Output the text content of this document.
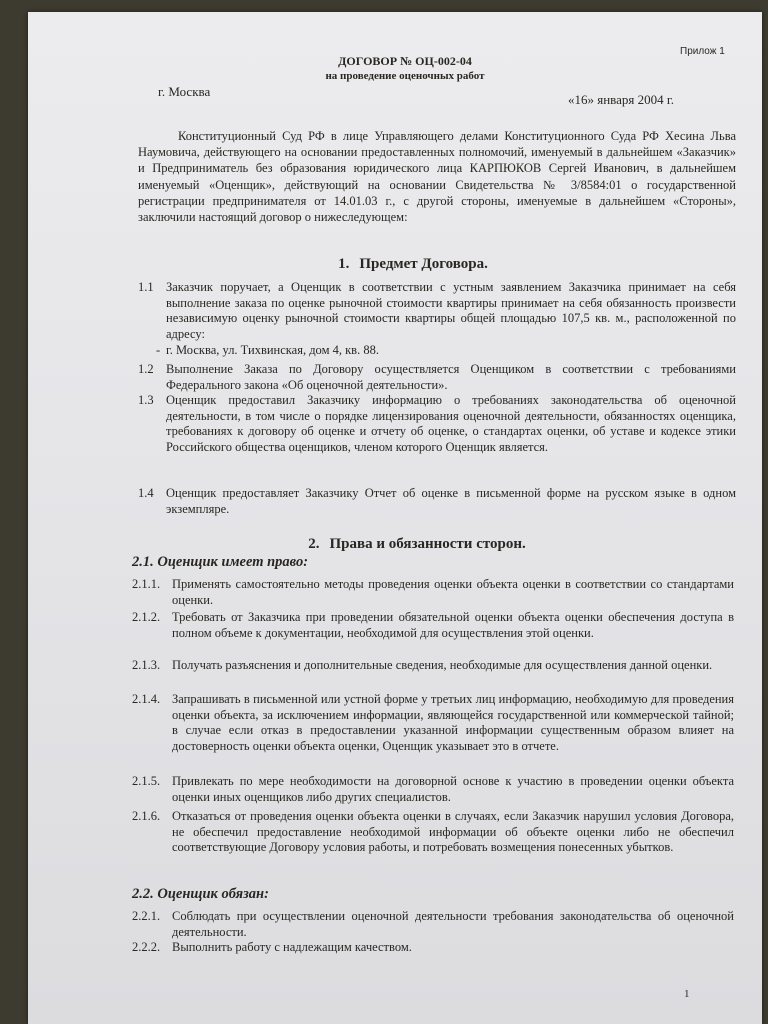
Прилож 1
ДОГОВОР № ОЦ-002-04
на проведение оценочных работ
г. Москва
«16» января 2004 г.
Конституционный Суд РФ в лице Управляющего делами Конституционного Суда РФ Хесина Льва Наумовича, действующего на основании предоставленных полномочий, именуемый в дальнейшем «Заказчик» и Предприниматель без образования юридического лица КАРПЮКОВ Сергей Иванович, в дальнейшем именуемый «Оценщик», действующий на основании Свидетельства № 3/8584:01 о государственной регистрации предпринимателя от 14.01.03 г., с другой стороны, именуемые в дальнейшем «Стороны», заключили настоящий договор о нижеследующем:
1. Предмет Договора.
1.1 Заказчик поручает, а Оценщик в соответствии с устным заявлением Заказчика принимает на себя выполнение заказа по оценке рыночной стоимости квартиры принимает на себя обязанность произвести независимую оценку рыночной стоимости квартиры общей площадью 107,5 кв. м., расположенной по адресу:
- г. Москва, ул. Тихвинская, дом 4, кв. 88.
1.2 Выполнение Заказа по Договору осуществляется Оценщиком в соответствии с требованиями Федерального закона «Об оценочной деятельности».
1.3 Оценщик предоставил Заказчику информацию о требованиях законодательства об оценочной деятельности, в том числе о порядке лицензирования оценочной деятельности, обязанностях оценщика, требованиях к договору об оценке и отчету об оценке, о стандартах оценки, об уставе и кодексе этики Российского общества оценщиков, членом которого Оценщик является.
1.4 Оценщик предоставляет Заказчику Отчет об оценке в письменной форме на русском языке в одном экземпляре.
2. Права и обязанности сторон.
2.1. Оценщик имеет право:
2.1.1. Применять самостоятельно методы проведения оценки объекта оценки в соответствии со стандартами оценки.
2.1.2. Требовать от Заказчика при проведении обязательной оценки объекта оценки обеспечения доступа в полном объеме к документации, необходимой для осуществления этой оценки.
2.1.3. Получать разъяснения и дополнительные сведения, необходимые для осуществления данной оценки.
2.1.4. Запрашивать в письменной или устной форме у третьих лиц информацию, необходимую для проведения оценки объекта, за исключением информации, являющейся государственной или коммерческой тайной; в случае если отказ в предоставлении указанной информации существенным образом влияет на достоверность оценки объекта оценки, Оценщик указывает это в отчете.
2.1.5. Привлекать по мере необходимости на договорной основе к участию в проведении оценки объекта оценки иных оценщиков либо других специалистов.
2.1.6. Отказаться от проведения оценки объекта оценки в случаях, если Заказчик нарушил условия Договора, не обеспечил предоставление необходимой информации об объекте оценки либо не обеспечил соответствующие Договору условия работы, и потребовать возмещения понесенных убытков.
2.2. Оценщик обязан:
2.2.1. Соблюдать при осуществлении оценочной деятельности требования законодательства об оценочной деятельности.
2.2.2. Выполнить работу с надлежащим качеством.
1
